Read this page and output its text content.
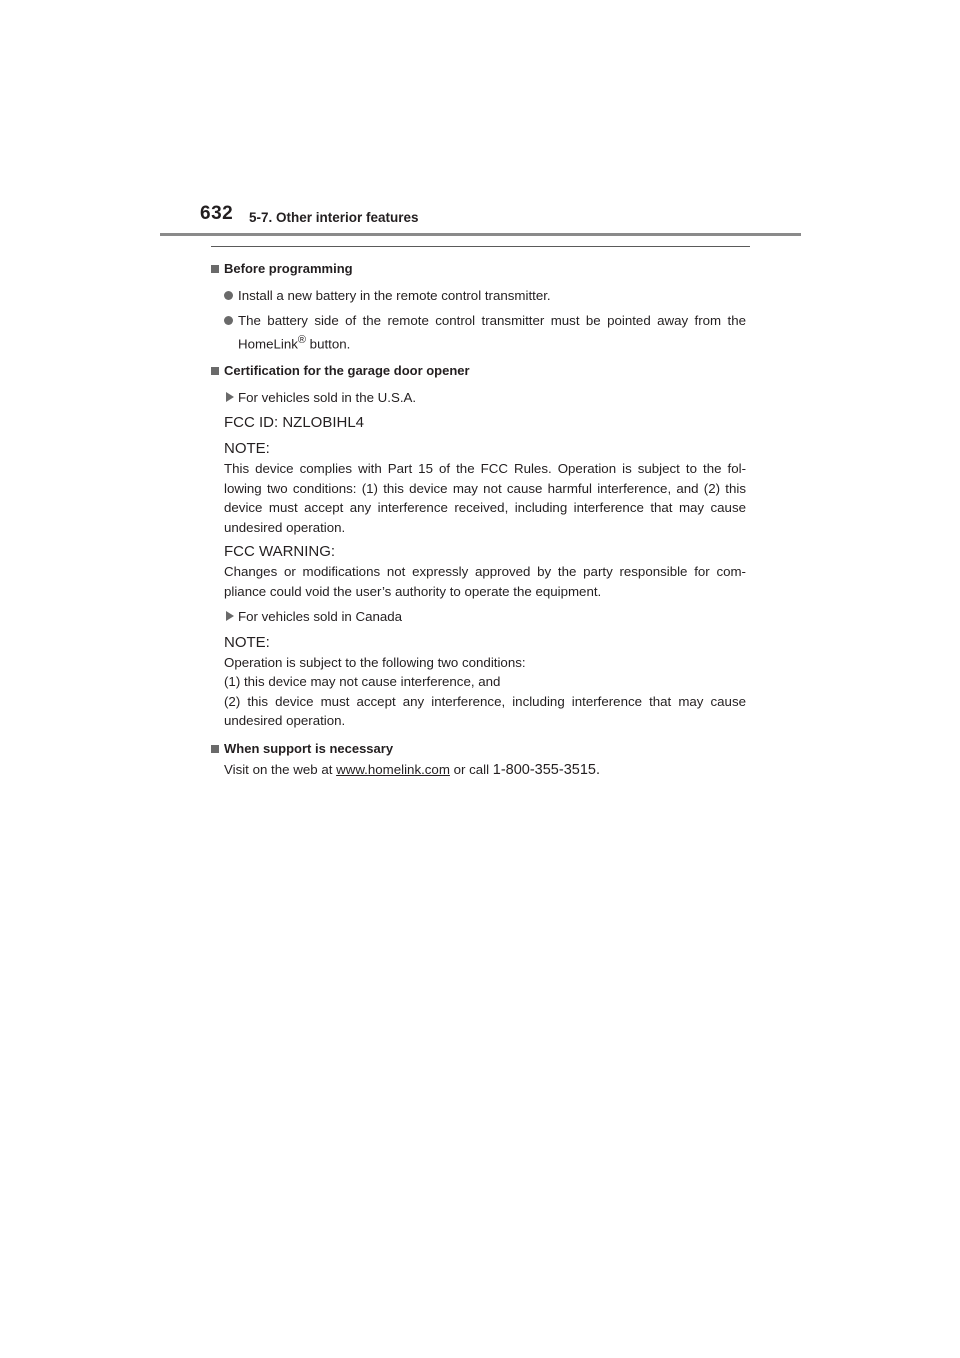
632 5-7. Other interior features
Before programming
Install a new battery in the remote control transmitter.
The battery side of the remote control transmitter must be pointed away from the HomeLink® button.
Certification for the garage door opener
For vehicles sold in the U.S.A.
FCC ID: NZLOBIHL4
NOTE:
This device complies with Part 15 of the FCC Rules. Operation is subject to the fol-lowing two conditions: (1) this device may not cause harmful interference, and (2) this device must accept any interference received, including interference that may cause undesired operation.
FCC WARNING:
Changes or modifications not expressly approved by the party responsible for com-pliance could void the user’s authority to operate the equipment.
For vehicles sold in Canada
NOTE:
Operation is subject to the following two conditions:
(1) this device may not cause interference, and
(2) this device must accept any interference, including interference that may cause undesired operation.
When support is necessary
Visit on the web at www.homelink.com or call 1-800-355-3515.
